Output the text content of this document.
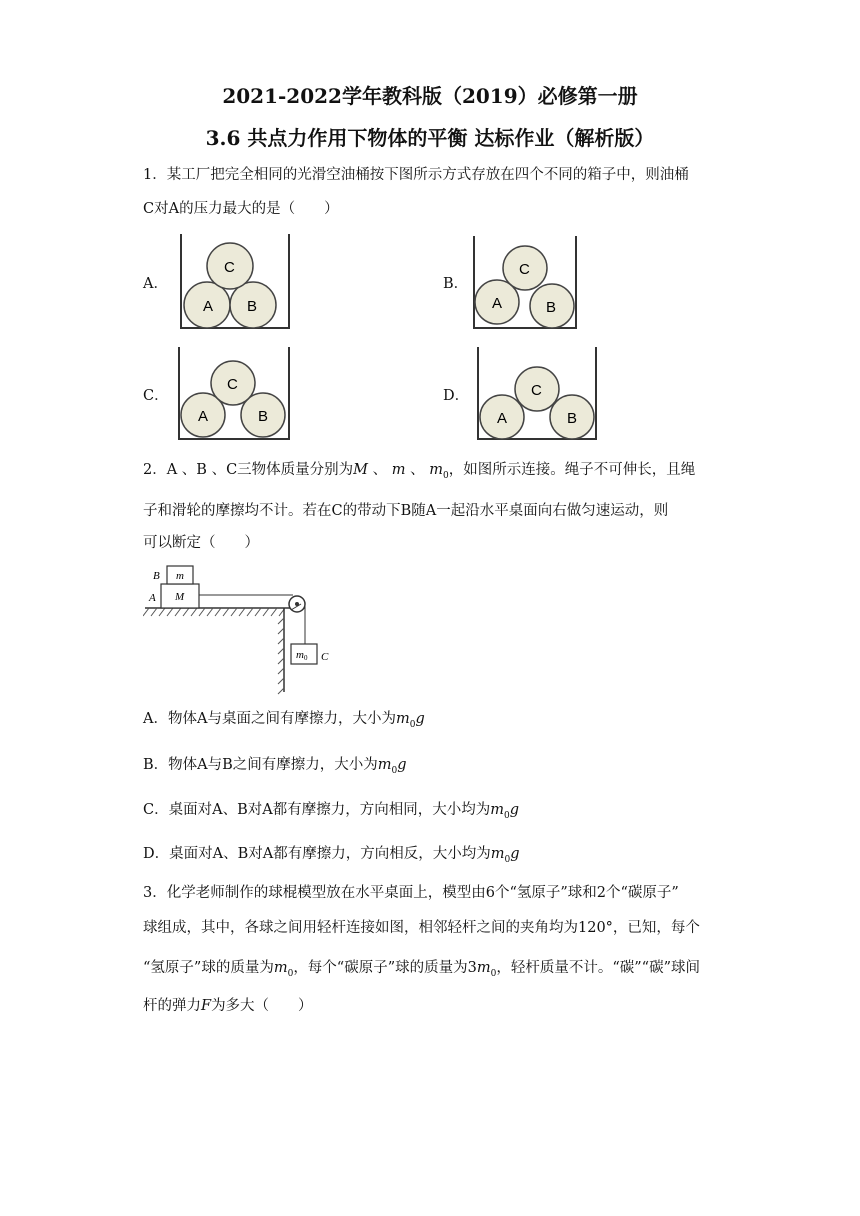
2021-2022学年教科版（2019）必修第一册
3.6 共点力作用下物体的平衡 达标作业（解析版）
1．某工厂把完全相同的光滑空油桶按下图所示方式存放在四个不同的箱子中，则油桶
C对A的压力最大的是（　　）
A．
A B
C
B．
A	B
C
C．
A	B
C
D．
A	B
C
2．A 、B 、C三物体质量分别为M 、 m 、 $m_0$，如图所示连接。绳子不可伸长，且绳
子和滑轮的摩擦均不计。若在C的带动下B随A一起沿水平桌面向右做匀速运动，则
可以断定（　　）
B
A
m
M
m0 C
A．物体A与桌面之间有摩擦力，大小为$m_0g$
B．物体A与B之间有摩擦力，大小为$m_0g$
C．桌面对A、B对A都有摩擦力，方向相同，大小均为$m_0g$
D．桌面对A、B对A都有摩擦力，方向相反，大小均为$m_0g$
3．化学老师制作的球棍模型放在水平桌面上，模型由6个“氢原子”球和2个“碳原子”
球组成，其中，各球之间用轻杆连接如图，相邻轻杆之间的夹角均为120°，已知，每个
“氢原子”球的质量为$m_0$，每个“碳原子”球的质量为$3m_0$，轻杆质量不计。“碳”“碳”球间
杆的弹力F为多大（　　）
